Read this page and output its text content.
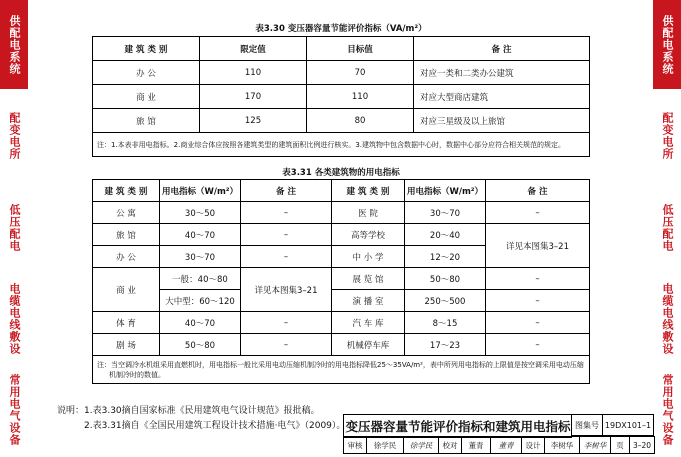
供配电系统
配变电所
低压配电
电缆电线敷设
常用电气设备
供配电系统
配变电所
低压配电
电缆电线敷设
常用电气设备
表3.30 变压器容量节能评价指标（VA/m²）
建 筑 类 别	限定值	目标值	备 注
办 公	110	70	对应一类和二类办公建筑
商 业	170	110	对应大型商店建筑
旅 馆	125	80	对应三星级及以上旅馆
注：1.本表非用电指标。2.商业综合体应按照各建筑类型的建筑面积比例进行核实。3.建筑物中包含数据中心时，数据中心部分应符合相关规范的规定。			
表3.31 各类建筑物的用电指标
建 筑 类 别	用电指标（W/m²）	备 注	建 筑 类 别	用电指标（W/m²）	备 注
公 寓	30～50	–	医 院	30～70	–
旅 馆	40～70	–	高等学校	20～40	详见本图集3–21
办 公	30～70	–	中 小 学	12～20	
商 业	一般：40～80	详见本图集3–21	展 览 馆	50～80	–
	大中型：60～120		演 播 室	250～500	–
体 育	40～70	–	汽 车 库	8～15	–
剧 场	50～80	–	机械停车库	17～23	–

注：当空调冷水机组采用直燃机时，用电指标一般比采用电动压缩机制冷时的用电指标降低25～35VA/m²，表中所列用电指标的上限值是按空调采用电动压缩
机制冷时的数值。					
说明： 1.表3.30摘自国家标准《民用建筑电气设计规范》报批稿。
2.表3.31摘自《全国民用建筑工程设计技术措施·电气》（2009）。 变压器容量节能评价指标和建筑用电指标 图集号 19DX101–1
审核	徐学民	徐学民	校对	董青	董青	设计	李树华	李树华	页	3–20
